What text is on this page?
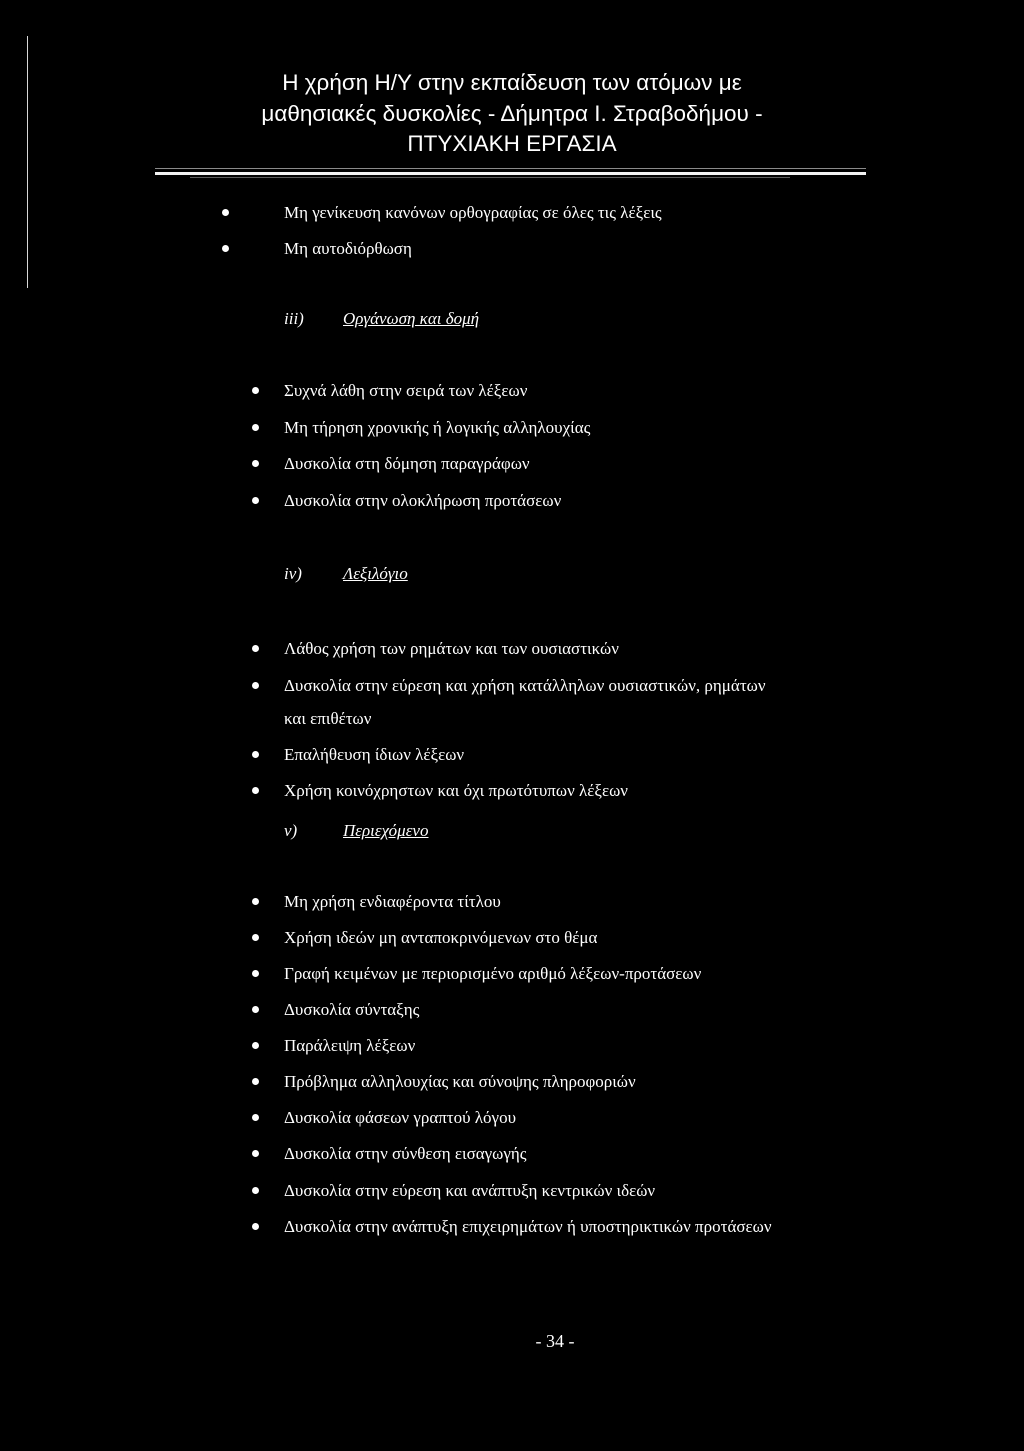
Η χρήση Η/Υ στην εκπαίδευση των ατόμων με
μαθησιακές δυσκολίες - Δήμητρα Ι. Στραβοδήμου -
ΠΤΥΧΙΑΚΗ ΕΡΓΑΣΙΑ
Μη γενίκευση κανόνων ορθογραφίας σε όλες τις λέξεις
Μη αυτοδιόρθωση
iii) Οργάνωση και δομή
Συχνά λάθη στην σειρά των λέξεων
Μη τήρηση χρονικής ή λογικής αλληλουχίας
Δυσκολία στη δόμηση παραγράφων
Δυσκολία στην ολοκλήρωση προτάσεων
iv) Λεξιλόγιο
Λάθος χρήση των ρημάτων και των ουσιαστικών
Δυσκολία στην εύρεση και χρήση κατάλληλων ουσιαστικών, ρημάτων
και επιθέτων
Επαλήθευση ίδιων λέξεων
Χρήση κοινόχρηστων και όχι πρωτότυπων λέξεων
v)	Περιεχόμενο
Μη χρήση ενδιαφέροντα τίτλου
Χρήση ιδεών μη ανταποκρινόμενων στο θέμα
Γραφή κειμένων με περιορισμένο αριθμό λέξεων-προτάσεων
Δυσκολία σύνταξης
Παράλειψη λέξεων
Πρόβλημα αλληλουχίας και σύνοψης πληροφοριών
Δυσκολία φάσεων γραπτού λόγου
Δυσκολία στην σύνθεση εισαγωγής
Δυσκολία στην εύρεση και ανάπτυξη κεντρικών ιδεών
Δυσκολία στην ανάπτυξη επιχειρημάτων ή υποστηρικτικών προτάσεων
- 34 -
